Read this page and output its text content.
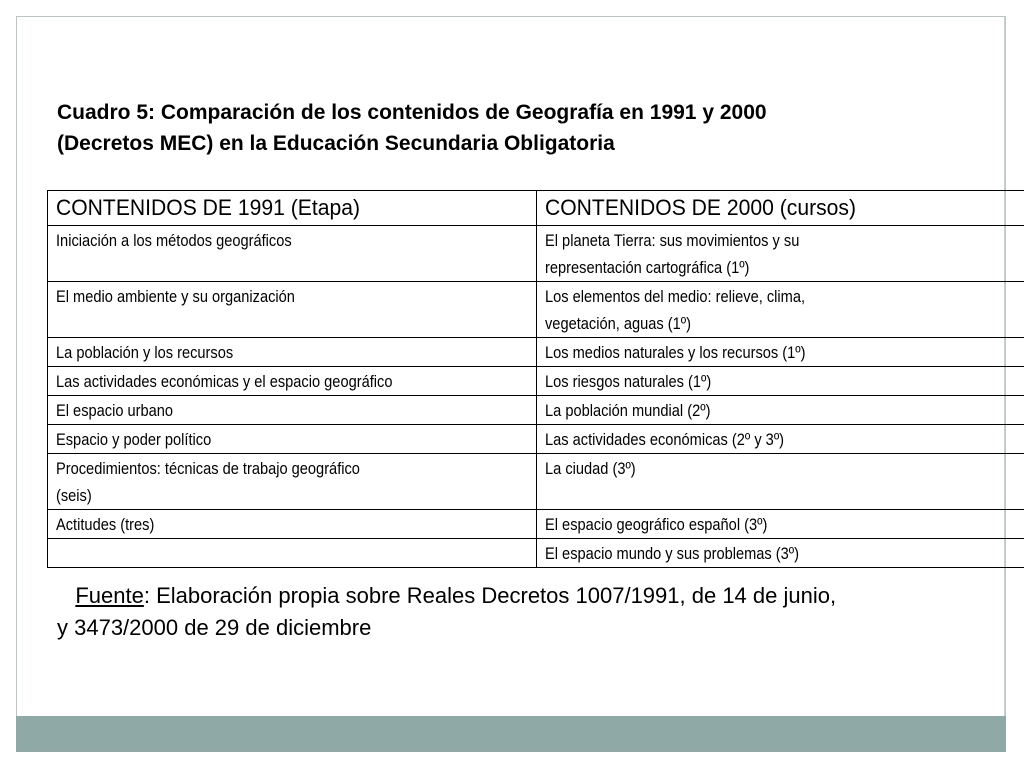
Cuadro 5: Comparación de los contenidos de Geografía en 1991 y 2000
(Decretos MEC) en la Educación Secundaria Obligatoria
CONTENIDOS DE 1991 (Etapa)	CONTENIDOS DE 2000 (cursos)

Iniciación a los métodos geográficos	El planeta Tierra: sus movimientos y su
representación cartográfica (1º)

El medio ambiente y su organización	Los elementos del medio: relieve, clima,
vegetación, aguas (1º)

La población y los recursos	Los medios naturales y los recursos (1º)

Las actividades económicas y el espacio geográfico	Los riesgos naturales (1º)

El espacio urbano	La población mundial (2º)

Espacio y poder político	Las actividades económicas (2º y 3º)

Procedimientos: técnicas de trabajo geográfico
(seis)	La ciudad (3º)

Actitudes (tres)	El espacio geográfico español (3º)

	El espacio mundo y sus problemas (3º)
Fuente: Elaboración propia sobre Reales Decretos 1007/1991, de 14 de junio,
y 3473/2000 de 29 de diciembre
